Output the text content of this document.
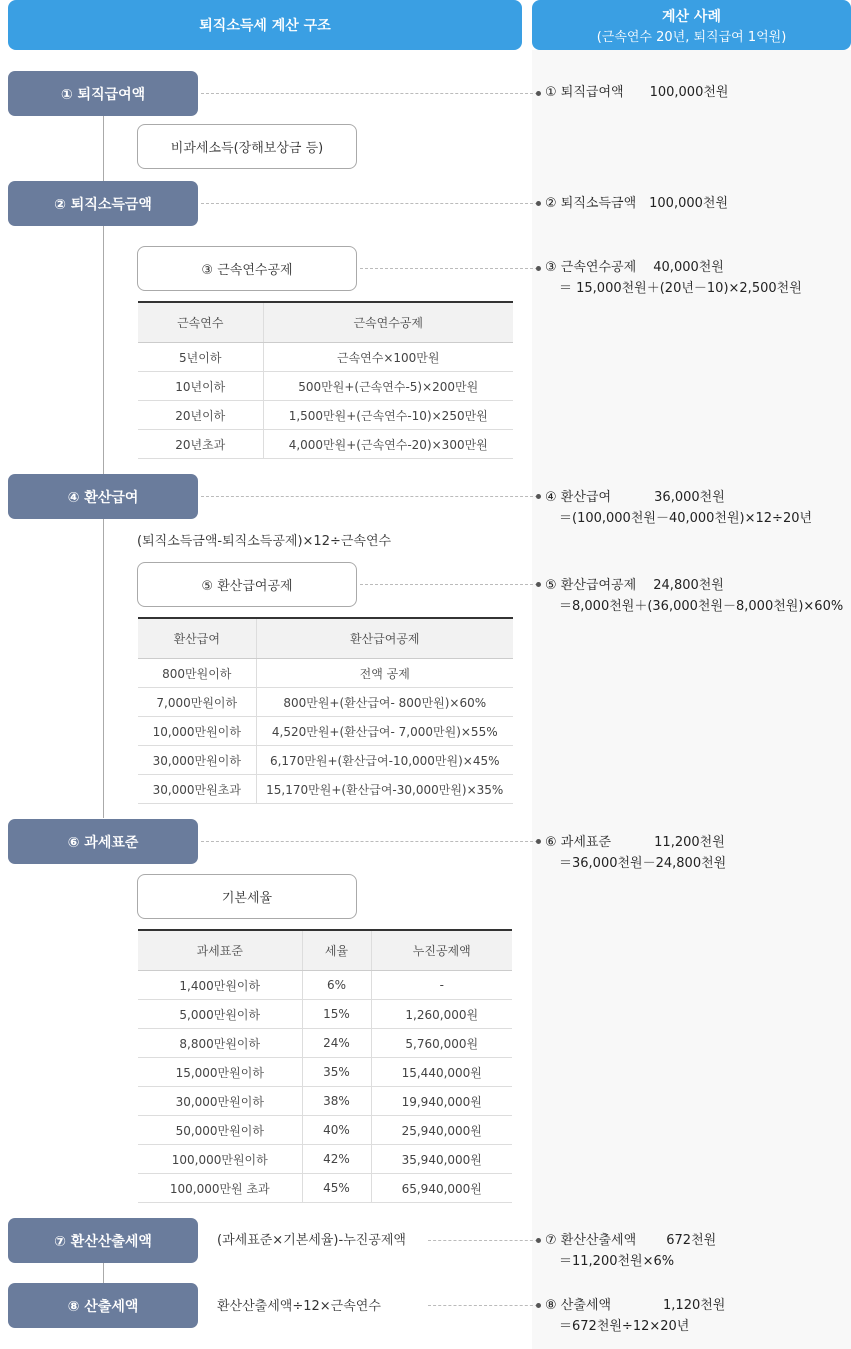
퇴직소득세 계산 구조
계산 사례
(근속연수 20년, 퇴직급여 1억원)
① 퇴직급여액
② 퇴직소득금액
④ 환산급여
⑥ 과세표준
⑦ 환산산출세액
⑧ 산출세액
비과세소득(장해보상금 등)
③ 근속연수공제
⑤ 환산급여공제
기본세율
(퇴직소득금액-퇴직소득공제)×12÷근속연수
(과세표준×기본세율)-누진공제액
환산산출세액÷12×근속연수
① 퇴직급여액　　100,000천원
② 퇴직소득금액　100,000천원
③ 근속연수공제　 40,000천원
＝ 15,000천원＋(20년－10)×2,500천원
④ 환산급여　　　 36,000천원
＝(100,000천원－40,000천원)×12÷20년
⑤ 환산급여공제　 24,800천원
＝8,000천원＋(36,000천원－8,000천원)×60%
⑥ 과세표준　　　 11,200천원
＝36,000천원－24,800천원
⑦ 환산산출세액　　 672천원
＝11,200천원×6%
⑧ 산출세액　　　　1,120천원
＝672천원÷12×20년
근속연수	근속연수공제
5년이하	근속연수×100만원
10년이하	500만원+(근속연수-5)×200만원
20년이하	1,500만원+(근속연수-10)×250만원
20년초과	4,000만원+(근속연수-20)×300만원
환산급여	환산급여공제
800만원이하	전액 공제
7,000만원이하	800만원+(환산급여- 800만원)×60%
10,000만원이하	4,520만원+(환산급여- 7,000만원)×55%
30,000만원이하	6,170만원+(환산급여-10,000만원)×45%
30,000만원초과	15,170만원+(환산급여-30,000만원)×35%
과세표준	세율	누진공제액
1,400만원이하	6%	-
5,000만원이하	15%	1,260,000원
8,800만원이하	24%	5,760,000원
15,000만원이하	35%	15,440,000원
30,000만원이하	38%	19,940,000원
50,000만원이하	40%	25,940,000원
100,000만원이하	42%	35,940,000원
100,000만원 초과	45%	65,940,000원
